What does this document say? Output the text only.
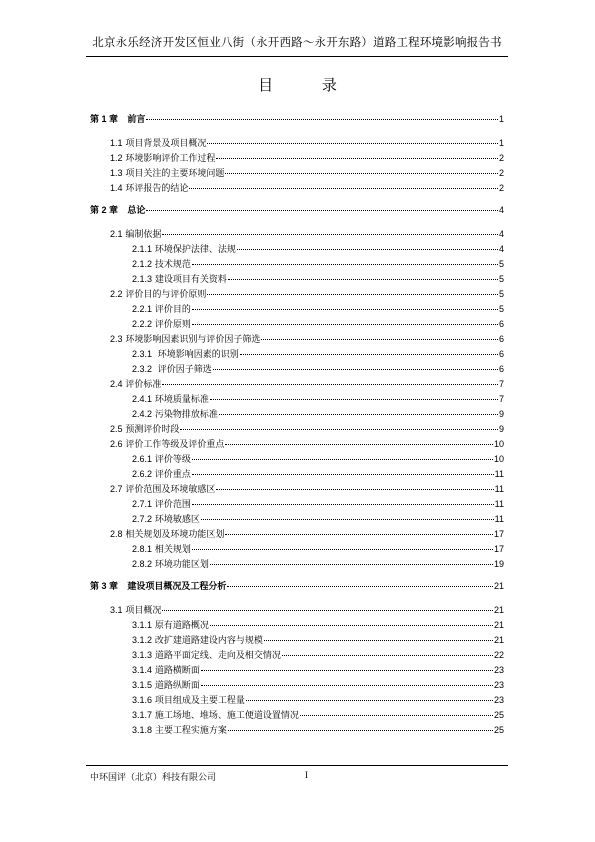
北京永乐经济开发区恒业八街（永开西路～永开东路）道路工程环境影响报告书
目 录
第 1 章 前言	1
1.1 项目背景及项目概况	1
1.2 环境影响评价工作过程	2
1.3 项目关注的主要环境问题	2
1.4 环评报告的结论	2
第 2 章 总论	4
2.1 编制依据	4
2.1.1 环境保护法律、法规	4
2.1.2 技术规范	5
2.1.3 建设项目有关资料	5
2.2 评价目的与评价原则	5
2.2.1 评价目的	5
2.2.2 评价原则	6
2.3 环境影响因素识别与评价因子筛选	6
2.3.1  环境影响因素的识别	6
2.3.2  评价因子筛选	6
2.4 评价标准	7
2.4.1 环境质量标准	7
2.4.2 污染物排放标准	9
2.5 预测评价时段	9
2.6 评价工作等级及评价重点	10
2.6.1 评价等级	10
2.6.2 评价重点	11
2.7 评价范围及环境敏感区	11
2.7.1 评价范围	11
2.7.2 环境敏感区	11
2.8 相关规划及环境功能区划	17
2.8.1 相关规划	17
2.8.2 环境功能区划	19
第 3 章 建设项目概况及工程分析	21
3.1 项目概况	21
3.1.1 原有道路概况	21
3.1.2 改扩建道路建设内容与规模	21
3.1.3 道路平面定线、走向及相交情况	22
3.1.4 道路横断面	23
3.1.5 道路纵断面	23
3.1.6 项目组成及主要工程量	23
3.1.7 施工场地、堆场、施工便道设置情况	25
3.1.8 主要工程实施方案	25
中环国评（北京）科技有限公司	I
